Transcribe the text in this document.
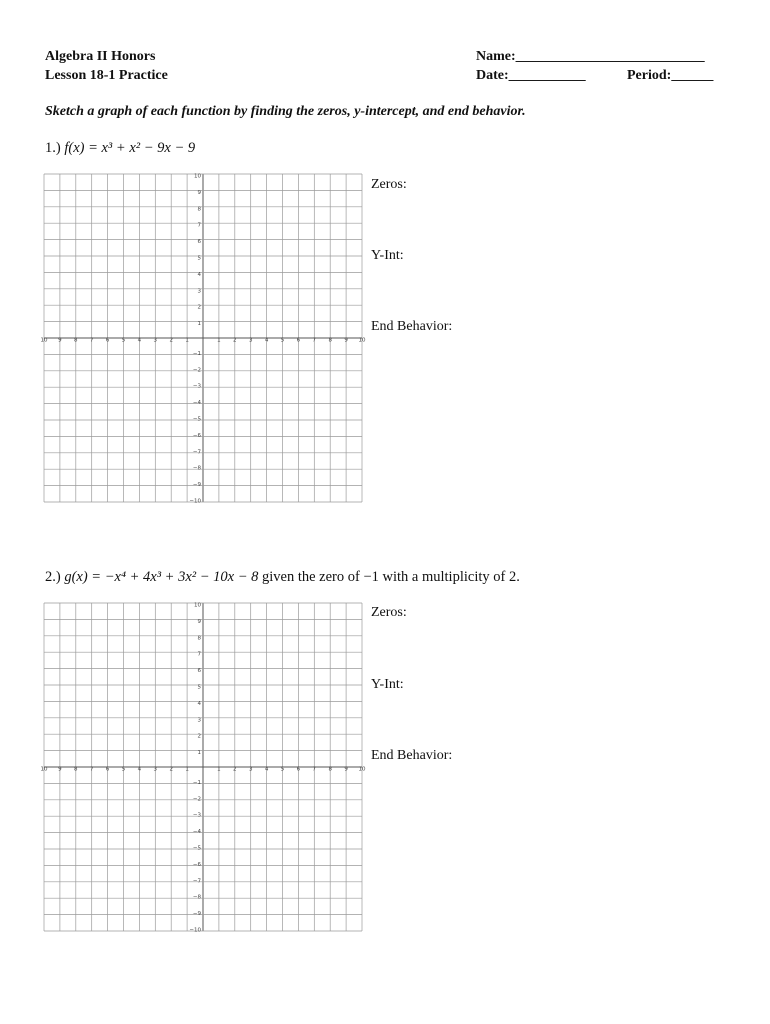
Algebra II Honors
Lesson 18-1 Practice
Name:___________________________
Date:___________	Period:______
Sketch a graph of each function by finding the zeros, y-intercept, and end behavior.
1.) f(x) = x³ + x² − 9x − 9
10 9 8 7 6 5 4 3 2 1	1 2 3 4 5 6 7 8 9 10
10
9
8
7
6
5
4
3
2
1
−1
−2
−3
−4
−5
−6
−7
−8
−9
−10
Zeros:
Y-Int:
End Behavior:
2.) g(x) = −x⁴ + 4x³ + 3x² − 10x − 8 given the zero of −1 with a multiplicity of 2.
10 9 8 7 6 5 4 3 2 1	1 2 3 4 5 6 7 8 9 10
10
9
8
7
6
5
4
3
2
1
−1
−2
−3
−4
−5
−6
−7
−8
−9
−10
Zeros:
Y-Int:
End Behavior:
